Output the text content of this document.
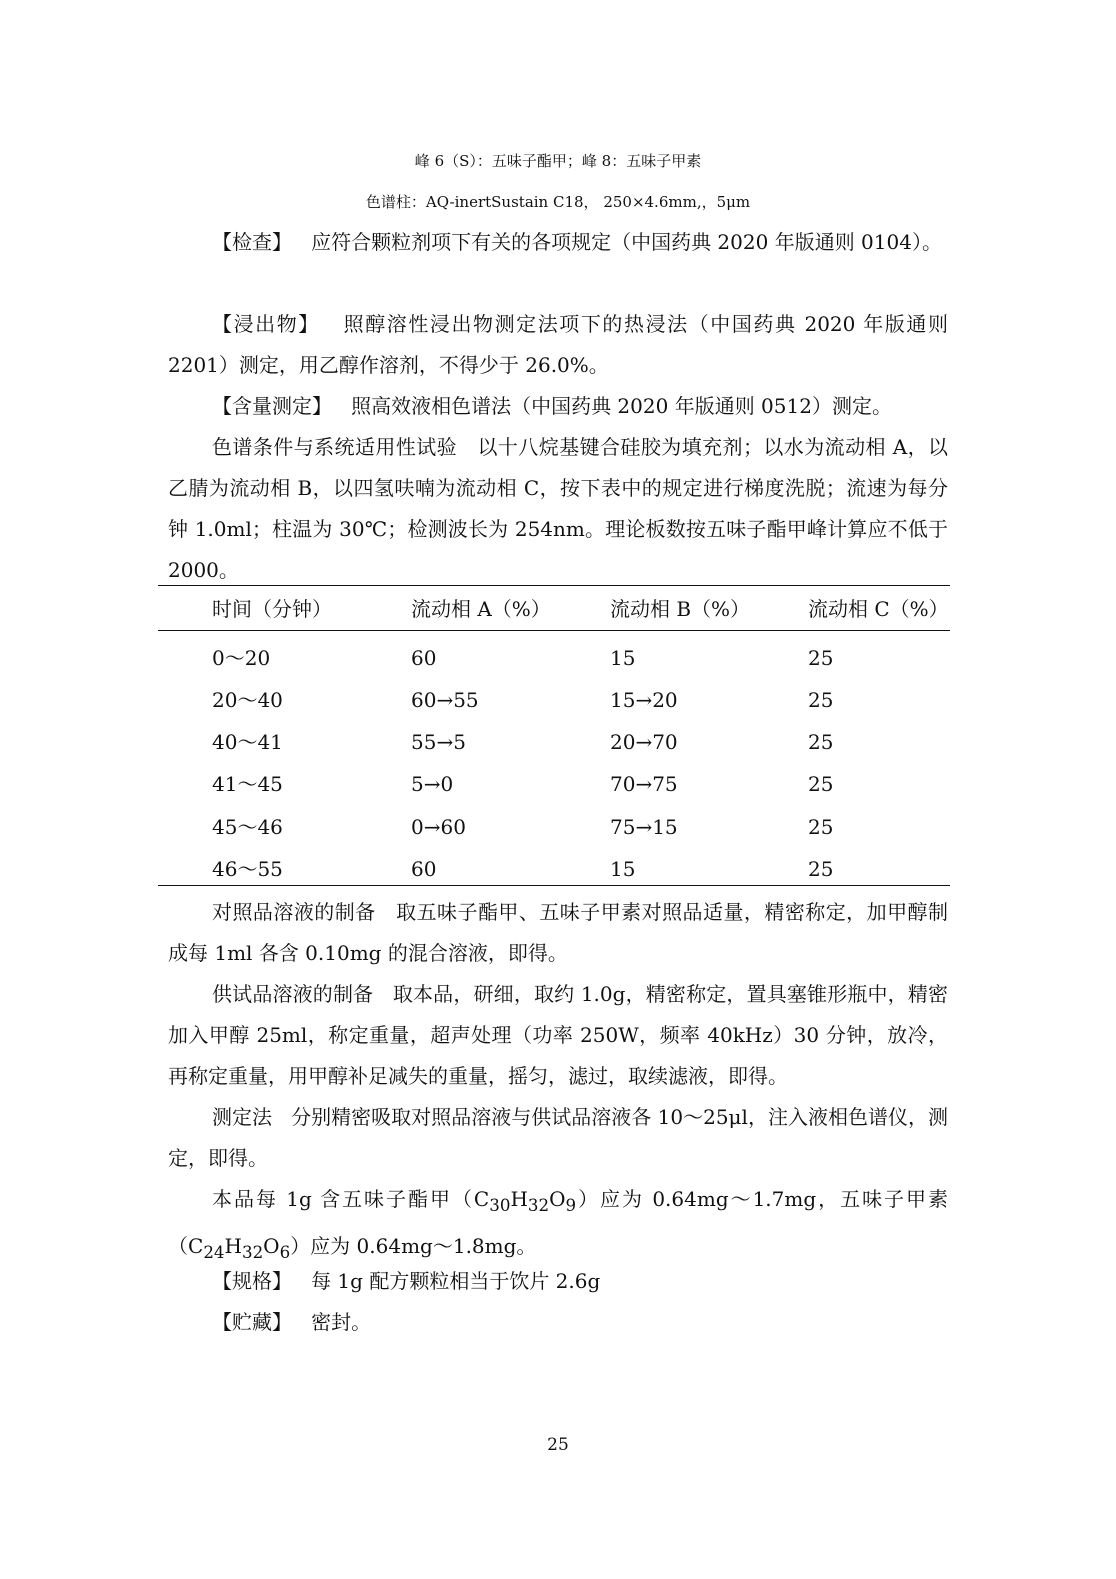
峰 6（S）：五味子酯甲；峰 8：五味子甲素
色谱柱：AQ-inertSustain C18， 250×4.6mm,，5μm
【检查】 应符合颗粒剂项下有关的各项规定（中国药典 2020 年版通则 0104）。
【浸出物】 照醇溶性浸出物测定法项下的热浸法（中国药典 2020 年版通则 2201）测定，用乙醇作溶剂，不得少于 26.0%。
【含量测定】 照高效液相色谱法（中国药典 2020 年版通则 0512）测定。
色谱条件与系统适用性试验 以十八烷基键合硅胶为填充剂；以水为流动相 A，以乙腈为流动相 B，以四氢呋喃为流动相 C，按下表中的规定进行梯度洗脱；流速为每分钟 1.0ml；柱温为 30℃；检测波长为 254nm。理论板数按五味子酯甲峰计算应不低于 2000。
时间（分钟）	流动相 A（%）	流动相 B（%）	流动相 C（%）
0～20	60	15	25
20～40	60→55	15→20	25
40～41	55→5	20→70	25
41～45	5→0	70→75	25
45～46	0→60	75→15	25
46～55	60	15	25
对照品溶液的制备 取五味子酯甲、五味子甲素对照品适量，精密称定，加甲醇制成每 1ml 各含 0.10mg 的混合溶液，即得。
供试品溶液的制备 取本品，研细，取约 1.0g，精密称定，置具塞锥形瓶中，精密加入甲醇 25ml，称定重量，超声处理（功率 250W，频率 40kHz）30 分钟，放冷，再称定重量，用甲醇补足减失的重量，摇匀，滤过，取续滤液，即得。
测定法 分别精密吸取对照品溶液与供试品溶液各 10～25μl，注入液相色谱仪，测定，即得。
本品每 1g 含五味子酯甲$(C_{30}H_{32}O_9)$应为 0.64mg～1.7mg，五味子甲素$(C_{24}H_{32}O_6)$应为 0.64mg～1.8mg。
【规格】 每 1g 配方颗粒相当于饮片 2.6g
【贮藏】 密封。
25
